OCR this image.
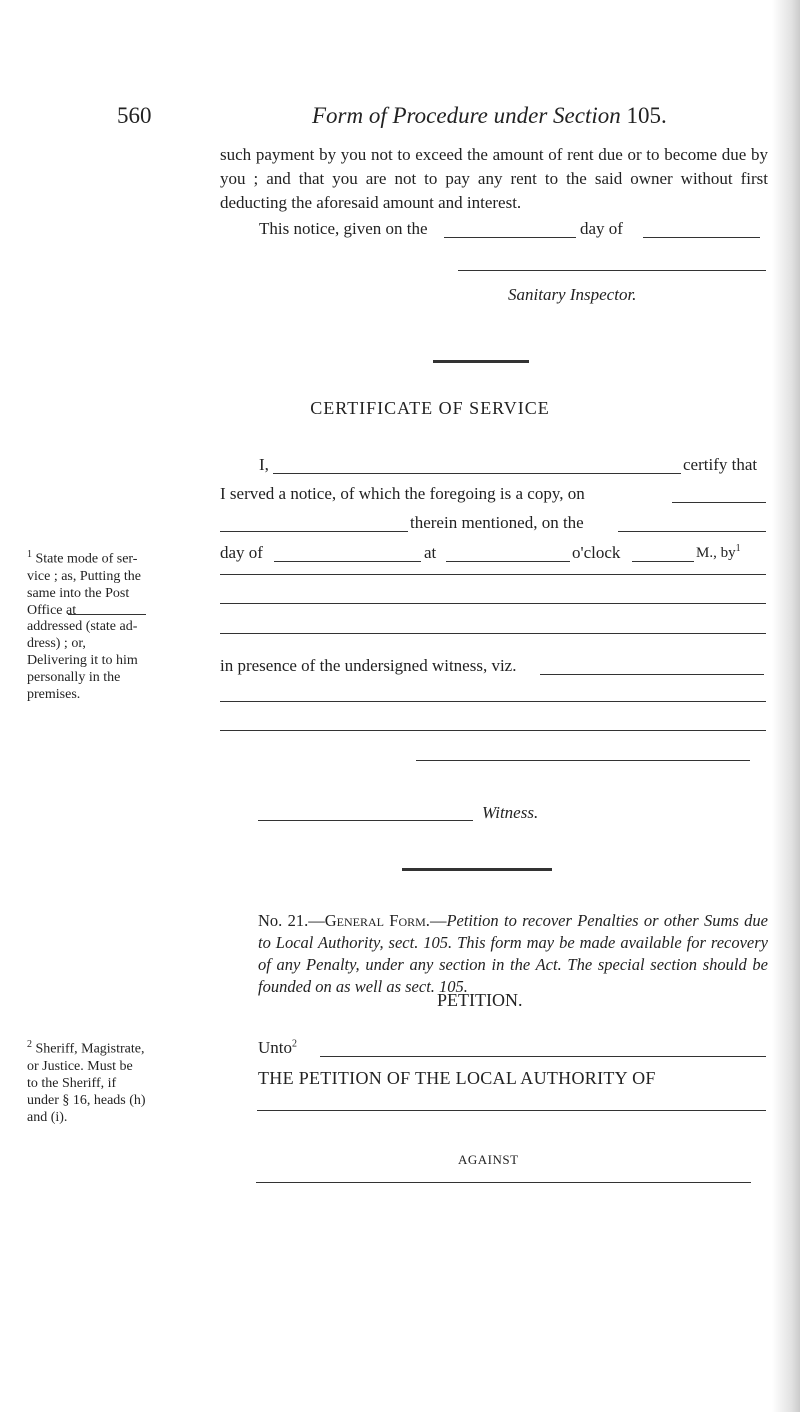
560	Form of Procedure under Section 105.
such payment by you not to exceed the amount of rent due or to become due by you ; and that you are not to pay any rent to the said owner without first deducting the aforesaid amount and interest.
This notice, given on the	day of
Sanitary Inspector.
CERTIFICATE OF SERVICE
I,	certify that
I served a notice, of which the foregoing is a copy, on
therein mentioned, on the
day of	at	o'clock	M., $by^1$
in presence of the undersigned witness, viz.
Witness.
$^1$ State mode of ser- vice ; as, Putting the same into the Post Office at
addressed (state ad- dress) ; or, Delivering it to him personally in the premises.
$^2$ Sheriff, Magistrate, or Justice. Must be to the Sheriff, if under § 16, heads (h) and (i).
No. 21.—General Form.—Petition to recover Penalties or other Sums due to Local Authority, sect. 105. This form may be made available for recovery of any Penalty, under any section in the Act. The special section should be founded on as well as sect. 105.
PETITION.
Unto$^2$
THE PETITION OF THE LOCAL AUTHORITY OF
AGAINST
